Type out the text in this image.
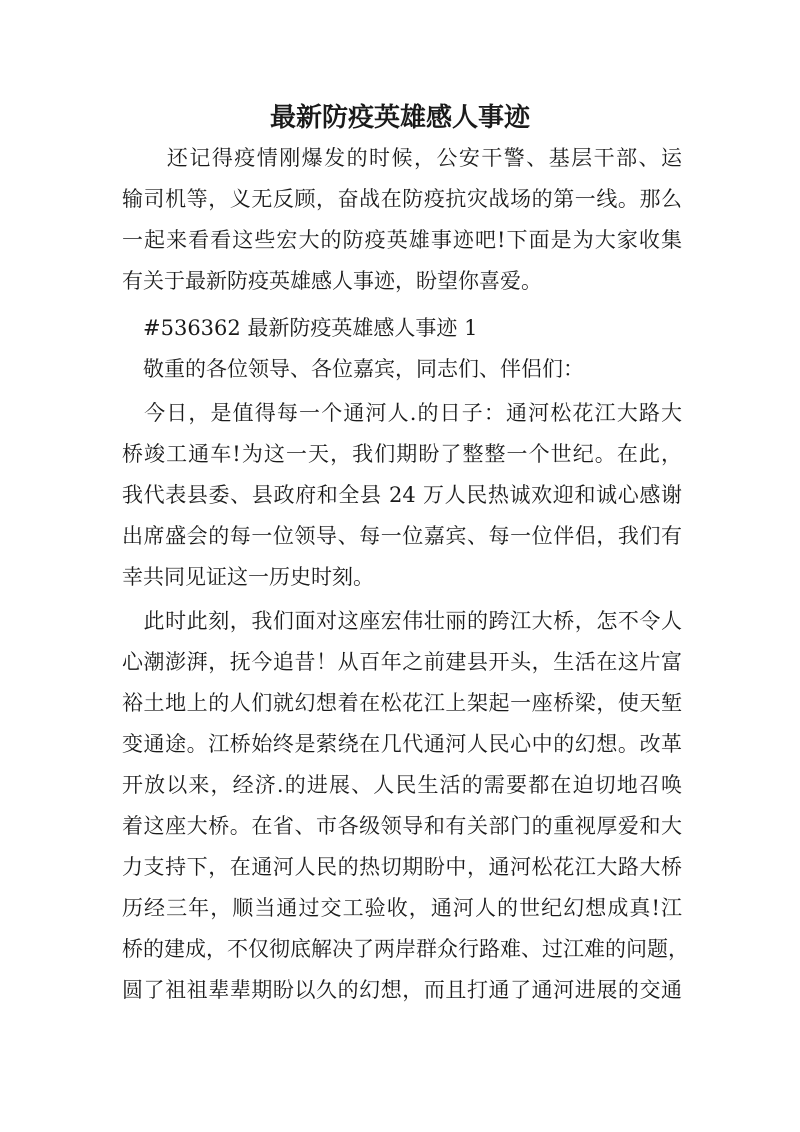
最新防疫英雄感人事迹
　　还记得疫情刚爆发的时候，公安干警、基层干部、运
输司机等，义无反顾，奋战在防疫抗灾战场的第一线。那么
一起来看看这些宏大的防疫英雄事迹吧!下面是为大家收集
有关于最新防疫英雄感人事迹，盼望你喜爱。
　#536362 最新防疫英雄感人事迹 1
　敬重的各位领导、各位嘉宾，同志们、伴侣们：
　今日，是值得每一个通河人.的日子：通河松花江大路大
桥竣工通车!为这一天，我们期盼了整整一个世纪。在此，
我代表县委、县政府和全县 24 万人民热诚欢迎和诚心感谢
出席盛会的每一位领导、每一位嘉宾、每一位伴侣，我们有
幸共同见证这一历史时刻。
　此时此刻，我们面对这座宏伟壮丽的跨江大桥，怎不令人
心潮澎湃，抚今追昔！从百年之前建县开头，生活在这片富
裕土地上的人们就幻想着在松花江上架起一座桥梁，使天堑
变通途。江桥始终是萦绕在几代通河人民心中的幻想。改革
开放以来，经济.的进展、人民生活的需要都在迫切地召唤
着这座大桥。在省、市各级领导和有关部门的重视厚爱和大
力支持下，在通河人民的热切期盼中，通河松花江大路大桥
历经三年，顺当通过交工验收，通河人的世纪幻想成真!江
桥的建成，不仅彻底解决了两岸群众行路难、过江难的问题，
圆了祖祖辈辈期盼以久的幻想，而且打通了通河进展的交通
